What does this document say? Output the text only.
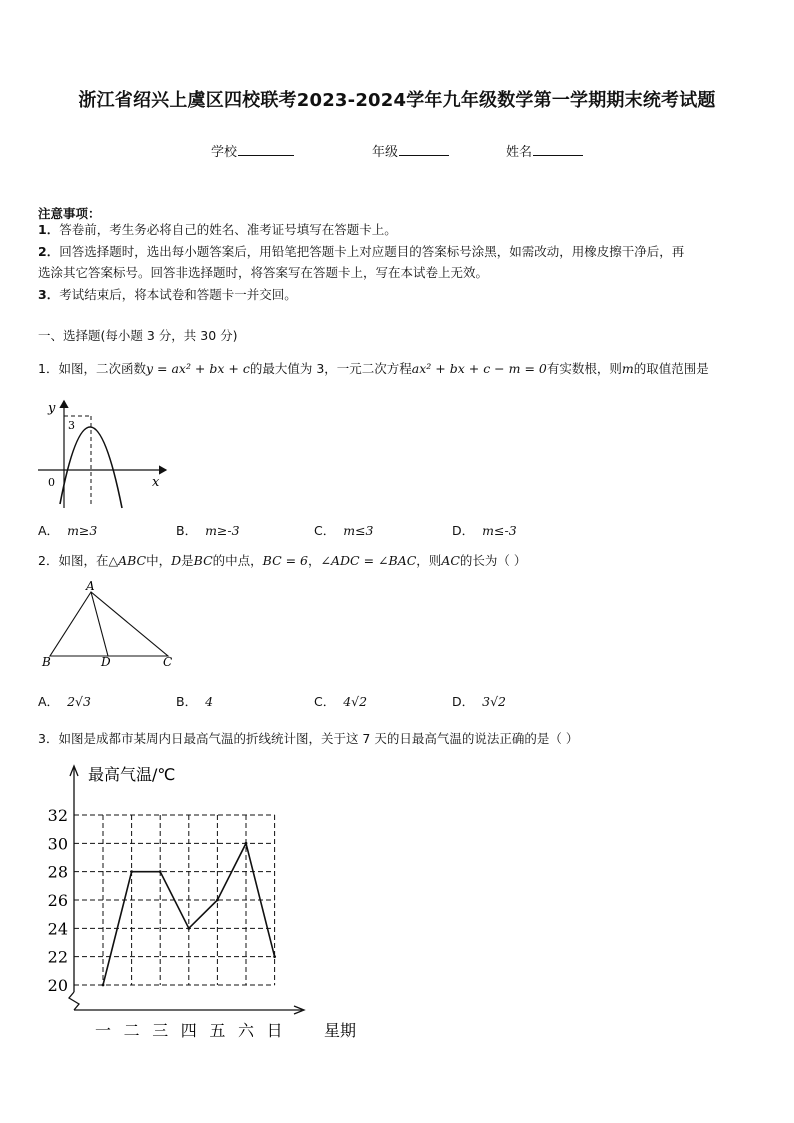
浙江省绍兴上虞区四校联考2023-2024学年九年级数学第一学期期末统考试题
学校	年级	姓名
注意事项：
1．答卷前，考生务必将自己的姓名、准考证号填写在答题卡上。
2．回答选择题时，选出每小题答案后，用铅笔把答题卡上对应题目的答案标号涂黑，如需改动，用橡皮擦干净后，再
选涂其它答案标号。回答非选择题时，将答案写在答题卡上，写在本试卷上无效。
3．考试结束后，将本试卷和答题卡一并交回。
一、选择题(每小题 3 分，共 30 分)
1．如图，二次函数y = ax² + bx + c的最大值为 3，一元二次方程ax² + bx + c − m = 0有实数根，则m的取值范围是
y
x
0
3
A． m≥3	B． m≥-3	C． m≤3	D． m≤-3
2．如图，在△ABC中，D是BC的中点，BC = 6，∠ADC = ∠BAC，则AC的长为（ ）
A
B	D	C
A． 2√3	B． 4	C． 4√2	D． 3√2
3．如图是成都市某周内日最高气温的折线统计图，关于这 7 天的日最高气温的说法正确的是（ ）
20
22
24
26
28
30
32
一 二 三 四 五 六 日
最高气温/℃
星期
